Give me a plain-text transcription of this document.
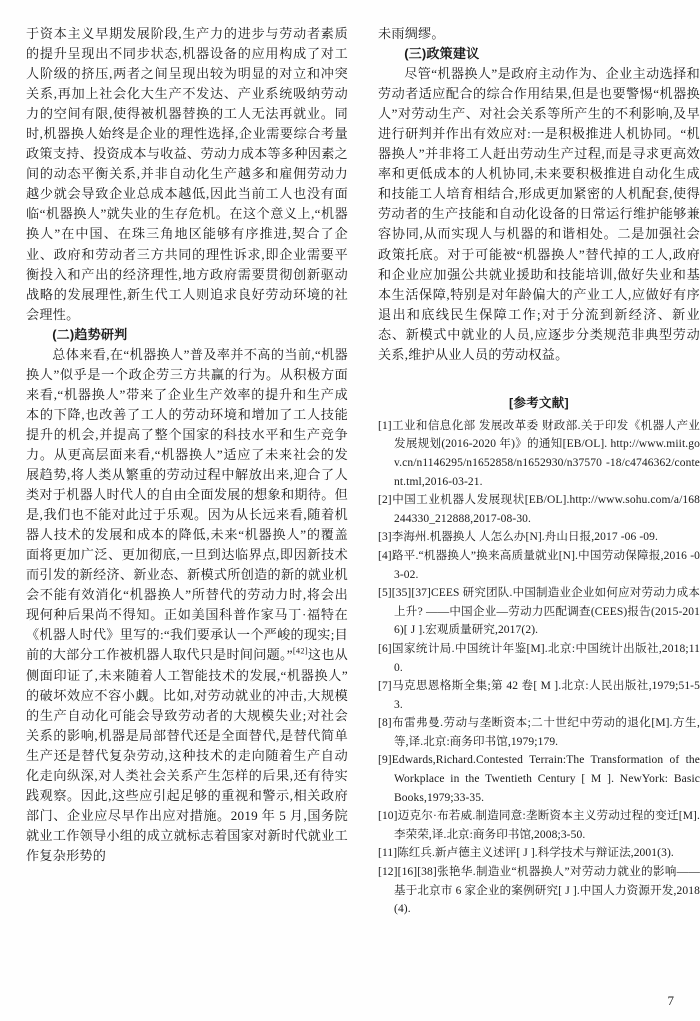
于资本主义早期发展阶段,生产力的进步与劳动者素质的提升呈现出不同步状态,机器设备的应用构成了对工人阶级的挤压,两者之间呈现出较为明显的对立和冲突关系,再加上社会化大生产不发达、产业系统吸纳劳动力的空间有限,使得被机器替换的工人无法再就业。同时,机器换人始终是企业的理性选择,企业需要综合考量政策支持、投资成本与收益、劳动力成本等多种因素之间的动态平衡关系,并非自动化生产越多和雇佣劳动力越少就会导致企业总成本越低,因此当前工人也没有面临“机器换人”就失业的生存危机。在这个意义上,“机器换人”在中国、在珠三角地区能够有序推进,契合了企业、政府和劳动者三方共同的理性诉求,即企业需要平衡投入和产出的经济理性,地方政府需要贯彻创新驱动战略的发展理性,新生代工人则追求良好劳动环境的社会理性。

(二)趋势研判

总体来看,在“机器换人”普及率并不高的当前,“机器换人”似乎是一个政企劳三方共赢的行为。从积极方面来看,“机器换人”带来了企业生产效率的提升和生产成本的下降,也改善了工人的劳动环境和增加了工人技能提升的机会,并提高了整个国家的科技水平和生产竞争力。从更高层面来看,“机器换人”适应了未来社会的发展趋势,将人类从繁重的劳动过程中解放出来,迎合了人类对于机器人时代人的自由全面发展的想象和期待。但是,我们也不能对此过于乐观。因为从长远来看,随着机器人技术的发展和成本的降低,未来“机器换人”的覆盖面将更加广泛、更加彻底,一旦到达临界点,即因新技术而引发的新经济、新业态、新模式所创造的新的就业机会不能有效消化“机器换人”所替代的劳动力时,将会出现何种后果尚不得知。正如美国科普作家马丁·福特在《机器人时代》里写的:“我们要承认一个严峻的现实;目前的大部分工作被机器人取代只是时间问题。”[42]这也从侧面印证了,未来随着人工智能技术的发展,“机器换人”的破坏效应不容小觑。比如,对劳动就业的冲击,大规模的生产自动化可能会导致劳动者的大规模失业;对社会关系的影响,机器是局部替代还是全面替代,是替代简单生产还是替代复杂劳动,这种技术的走向随着生产自动化走向纵深,对人类社会关系产生怎样的后果,还有待实践观察。因此,这些应引起足够的重视和警示,相关政府部门、企业应尽早作出应对措施。2019 年 5 月,国务院就业工作领导小组的成立就标志着国家对新时代就业工作复杂形势的

未雨绸缪。

(三)政策建议

尽管“机器换人”是政府主动作为、企业主动选择和劳动者适应配合的综合作用结果,但是也要警惕“机器换人”对劳动生产、对社会关系等所产生的不利影响,及早进行研判并作出有效应对:一是积极推进人机协同。“机器换人”并非将工人赶出劳动生产过程,而是寻求更高效率和更低成本的人机协同,未来要积极推进自动化生成和技能工人培育相结合,形成更加紧密的人机配套,使得劳动者的生产技能和自动化设备的日常运行维护能够兼容协同,从而实现人与机器的和谐相处。二是加强社会政策托底。对于可能被“机器换人”替代掉的工人,政府和企业应加强公共就业援助和技能培训,做好失业和基本生活保障,特别是对年龄偏大的产业工人,应做好有序退出和底线民生保障工作;对于分流到新经济、新业态、新模式中就业的人员,应逐步分类规范非典型劳动关系,维护从业人员的劳动权益。

[参考文献]

[1]工业和信息化部 发展改革委 财政部.关于印发《机器人产业发展规划(2016-2020 年)》的通知[EB/OL]. http://www.miit.gov.cn/n1146295/n1652858/n1652930/n37570 -18/c4746362/content.tml,2016-03-21.

[2]中国工业机器人发展现状[EB/OL].http://www.sohu.com/a/168244330_212888,2017-08-30.

[3]李海州.机器换人 人怎么办[N].舟山日报,2017 -06 -09.

[4]路平.“机器换人”换来高质量就业[N].中国劳动保障报,2016 -03-02.

[5][35][37]CEES 研究团队.中国制造业企业如何应对劳动力成本上升? ——中国企业—劳动力匹配调查(CEES)报告(2015-2016)[ J ].宏观质量研究,2017(2).

[6]国家统计局.中国统计年鉴[M].北京:中国统计出版社,2018;110.

[7]马克思恩格斯全集;第 42 卷[ M ].北京:人民出版社,1979;51-53.

[8]布雷弗曼.劳动与垄断资本;二十世纪中劳动的退化[M].方生,等,译.北京:商务印书馆,1979;179.

[9]Edwards,Richard.Contested Terrain:The Transformation of the Workplace in the Twentieth Century [ M ]. NewYork: Basic Books,1979;33-35.

[10]迈克尔·布若威.制造同意:垄断资本主义劳动过程的变迁[M].李荣荣,译.北京:商务印书馆,2008;3-50.

[11]陈红兵.新卢德主义述评[ J ].科学技术与辩证法,2001(3).

[12][16][38]张艳华.制造业“机器换人”对劳动力就业的影响——基于北京市 6 家企业的案例研究[ J ].中国人力资源开发,2018(4).

7
